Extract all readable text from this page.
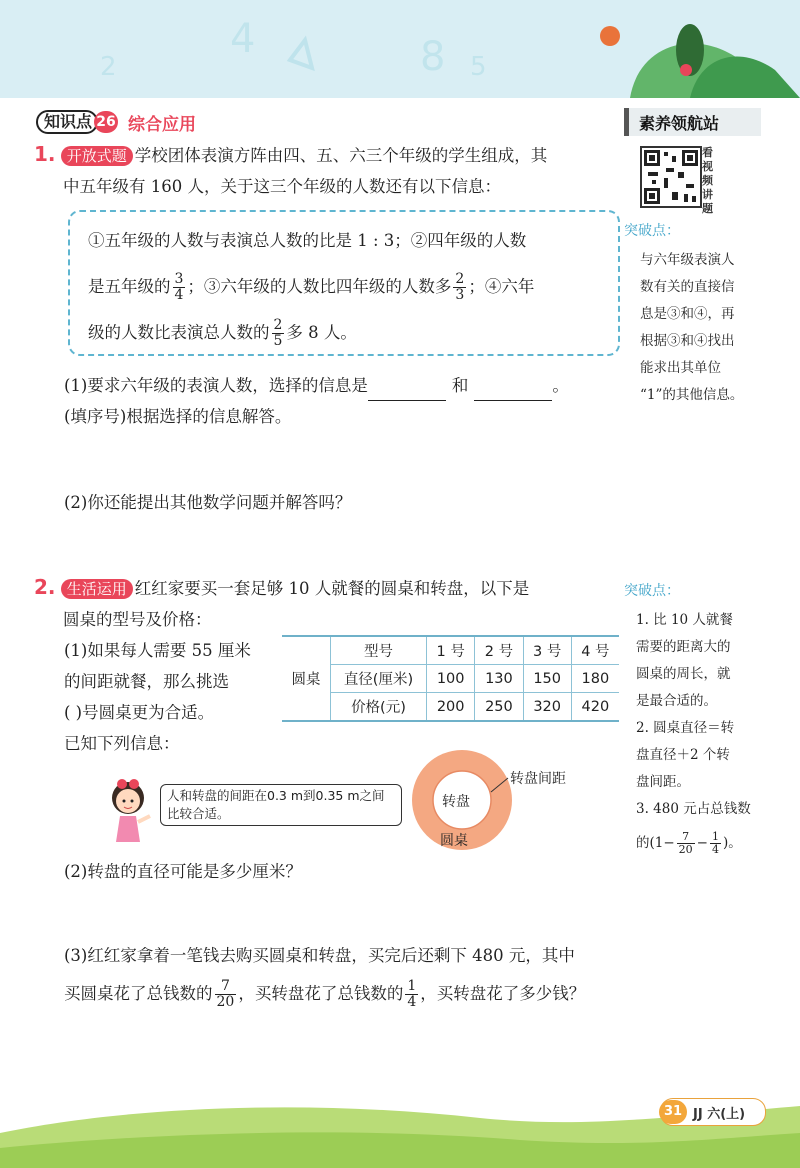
4	8 5
2
知识点 26 综合应用	素养领航站
看视频讲题
1. 开放式题 学校团体表演方阵由四、五、六三个年级的学生组成，其
中五年级有 160 人，关于这三个年级的人数还有以下信息：
①五年级的人数与表演总人数的比是 1 : 3；②四年级的人数
是五年级的 $\frac{3}{4}$ ；③六年级的人数比四年级的人数多 $\frac{2}{3}$ ；④六年
级的人数比表演总人数的 $\frac{2}{5}$ 多 8 人。
(1)要求六年级的表演人数，选择的信息是	和	。
(填序号)根据选择的信息解答。
(2)你还能提出其他数学问题并解答吗？
突破点：
与六年级表演人
数有关的直接信
息是③和④，再
根据③和④找出
能求出其单位
“1”的其他信息。
2. 生活运用 红红家要买一套足够 10 人就餐的圆桌和转盘，以下是
圆桌的型号及价格：
(1)如果每人需要 55 厘米
的间距就餐，那么挑选
( )号圆桌更为合适。
圆桌	型号	1 号	2 号	3 号	4 号
	直径(厘米)	100	130	150	180
	价格(元)	200	250	320	420
已知下列信息：
人和转盘的间距在0.3 m到0.35 m之间比较合适。
转盘
圆桌
转盘间距
(2)转盘的直径可能是多少厘米？
(3)红红家拿着一笔钱去购买圆桌和转盘，买完后还剩下 480 元，其中
买圆桌花了总钱数的 $\frac{7}{20}$ ，买转盘花了总钱数的 $\frac{1}{4}$ ，买转盘花了多少钱？
突破点：
1. 比 10 人就餐
需要的距离大的
圆桌的周长，就
是最合适的。
2. 圆桌直径＝转
盘直径＋2 个转
盘间距。
3. 480 元占总钱数
的($1- \frac{7}{20} - \frac{1}{4}$ )。
31 JJ 六(上)
